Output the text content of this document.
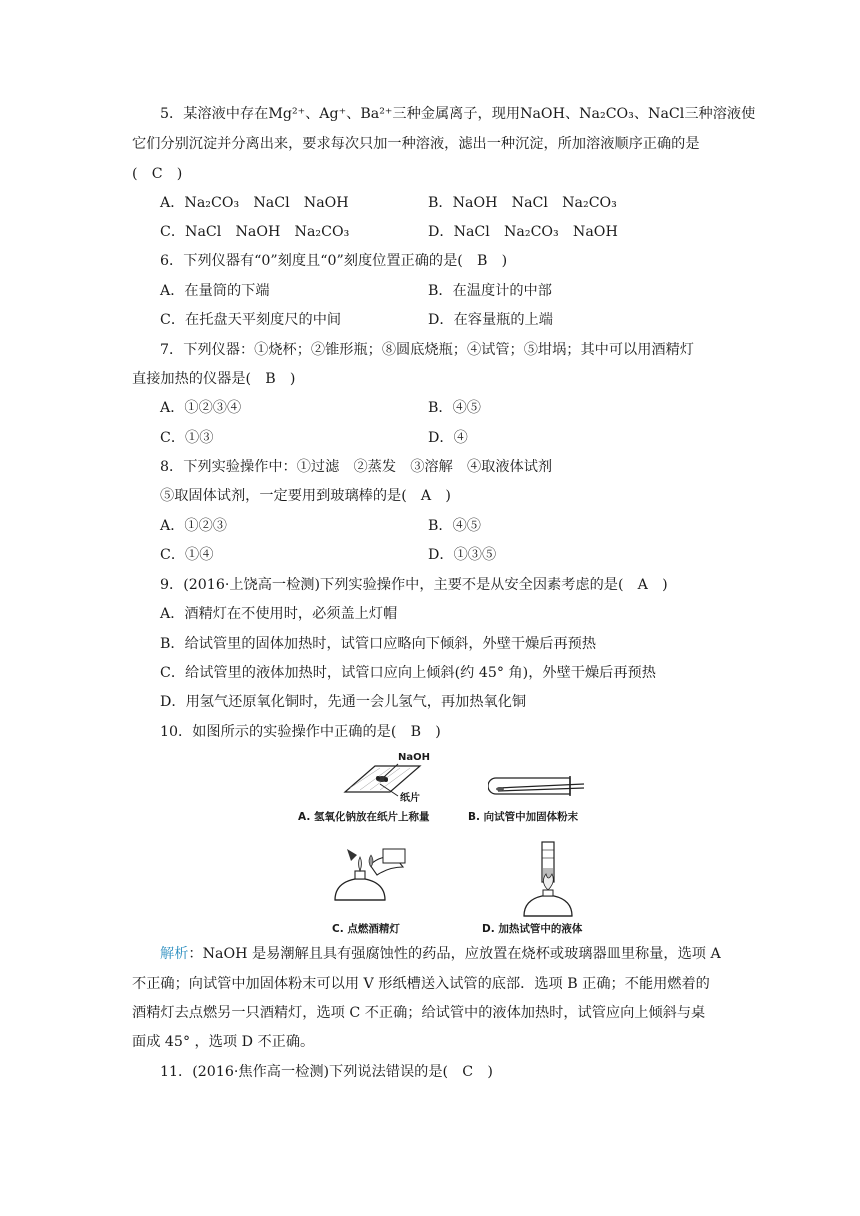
5．某溶液中存在Mg²⁺、Ag⁺、Ba²⁺三种金属离子，现用NaOH、Na₂CO₃、NaCl三种溶液使
它们分别沉淀并分离出来，要求每次只加一种溶液，滤出一种沉淀，所加溶液顺序正确的是
(　C　)
A．Na₂CO₃　NaCl　NaOH	B．NaOH　NaCl　Na₂CO₃
C．NaCl　NaOH　Na₂CO₃	D．NaCl　Na₂CO₃　NaOH
6．下列仪器有“0”刻度且“0”刻度位置正确的是(　B　)
A．在量筒的下端	B．在温度计的中部
C．在托盘天平刻度尺的中间	D．在容量瓶的上端
7．下列仪器：①烧杯；②锥形瓶；⑧圆底烧瓶；④试管；⑤坩埚；其中可以用酒精灯
直接加热的仪器是(　B　)
A．①②③④	B．④⑤
C．①③	D．④
8．下列实验操作中：①过滤　②蒸发　③溶解　④取液体试剂
⑤取固体试剂，一定要用到玻璃棒的是(　A　)
A．①②③	B．④⑤
C．①④	D．①③⑤
9．(2016·上饶高一检测)下列实验操作中，主要不是从安全因素考虑的是(　A　)
A．酒精灯在不使用时，必须盖上灯帽
B．给试管里的固体加热时，试管口应略向下倾斜，外壁干燥后再预热
C．给试管里的液体加热时，试管口应向上倾斜(约 45° 角)，外壁干燥后再预热
D．用氢气还原氧化铜时，先通一会儿氢气，再加热氧化铜
10．如图所示的实验操作中正确的是(　B　)
NaOH
纸片
A. 氢氧化钠放在纸片上称量	B. 向试管中加固体粉末
C. 点燃酒精灯	D. 加热试管中的液体
解析：NaOH 是易潮解且具有强腐蚀性的药品，应放置在烧杯或玻璃器皿里称量，选项 A
不正确；向试管中加固体粉末可以用 V 形纸槽送入试管的底部．选项 B 正确；不能用燃着的
酒精灯去点燃另一只酒精灯，选项 C 不正确；给试管中的液体加热时，试管应向上倾斜与桌
面成 45° ，选项 D 不正确。
11．(2016·焦作高一检测)下列说法错误的是(　C　)
